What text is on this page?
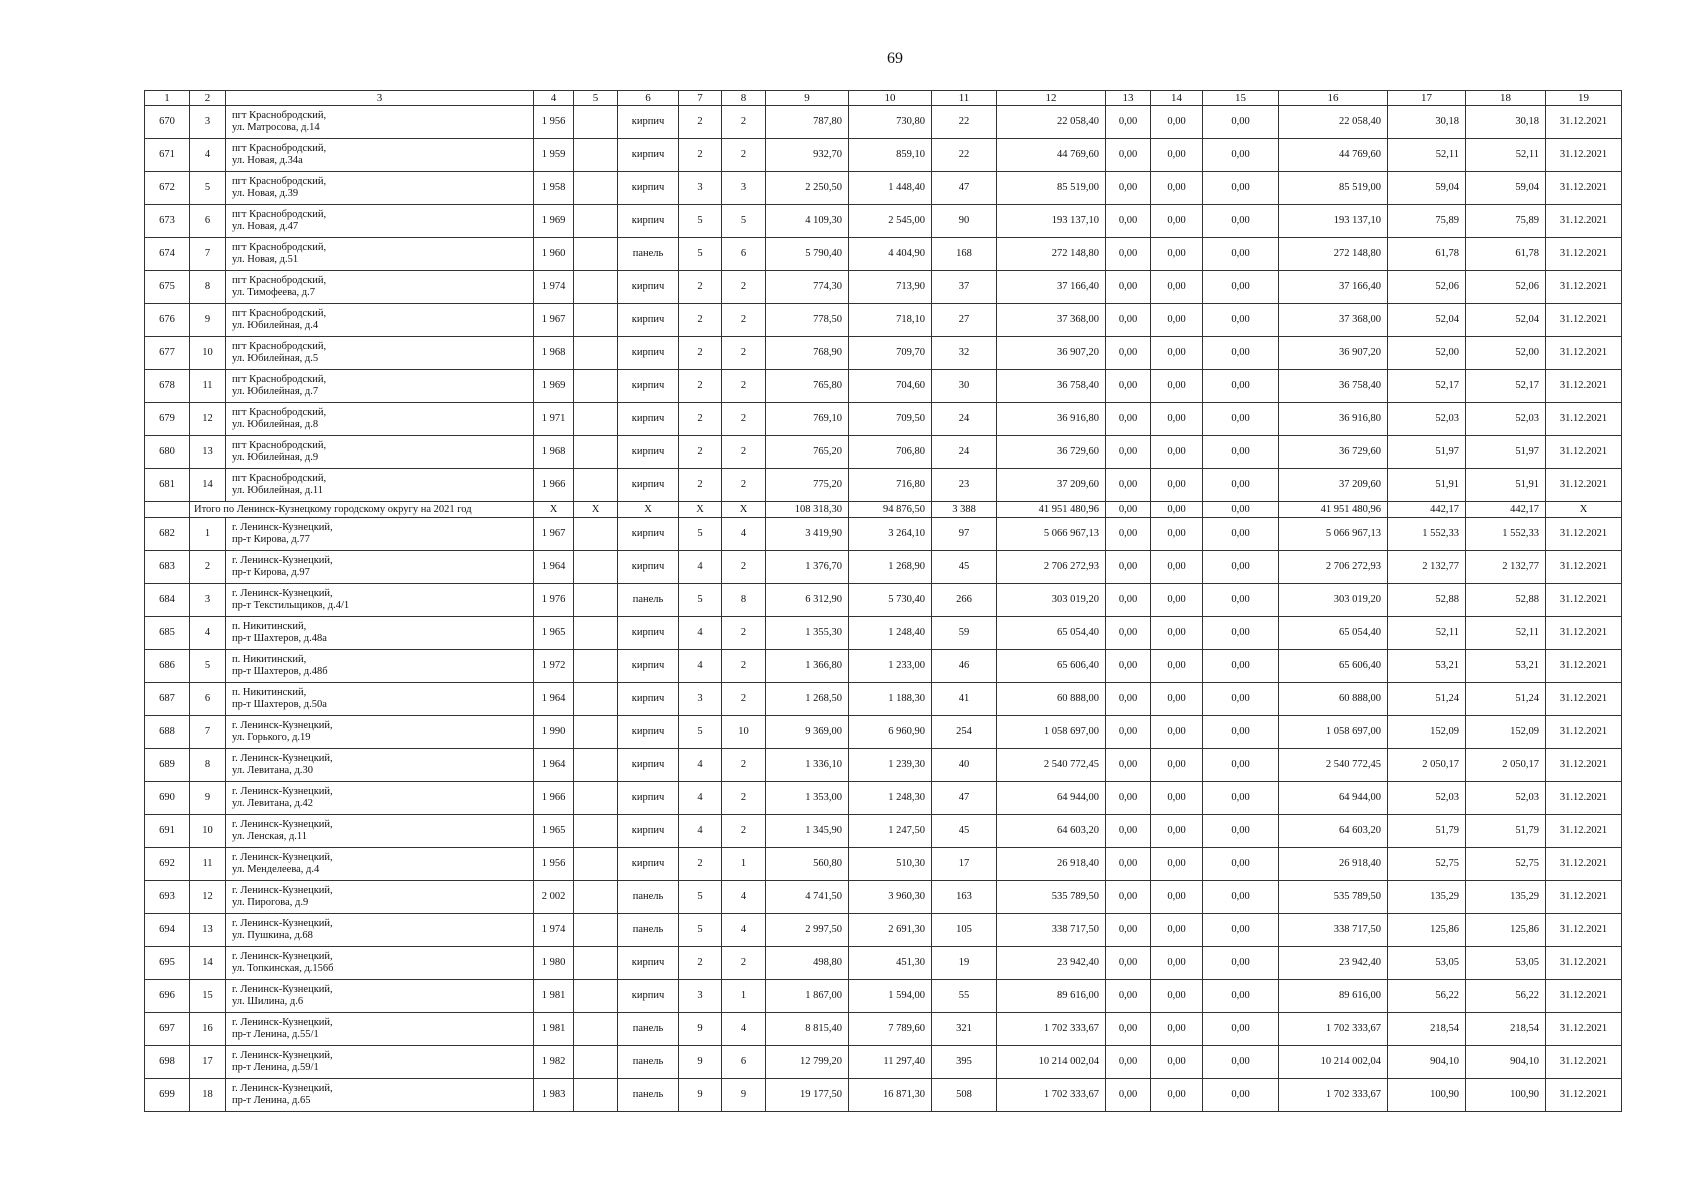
69
1	2	3	4	5	6	7	8	9	10	11	12	13	14	15	16	17	18	19
670	3	пгт Краснобродский,
ул. Матросова, д.14	1 956		кирпич	2	2	787,80	730,80	22	22 058,40	0,00	0,00	0,00	22 058,40	30,18	30,18	31.12.2021
671	4	пгт Краснобродский,
ул. Новая, д.34а	1 959		кирпич	2	2	932,70	859,10	22	44 769,60	0,00	0,00	0,00	44 769,60	52,11	52,11	31.12.2021
672	5	пгт Краснобродский,
ул. Новая, д.39	1 958		кирпич	3	3	2 250,50	1 448,40	47	85 519,00	0,00	0,00	0,00	85 519,00	59,04	59,04	31.12.2021
673	6	пгт Краснобродский,
ул. Новая, д.47	1 969		кирпич	5	5	4 109,30	2 545,00	90	193 137,10	0,00	0,00	0,00	193 137,10	75,89	75,89	31.12.2021
674	7	пгт Краснобродский,
ул. Новая, д.51	1 960		панель	5	6	5 790,40	4 404,90	168	272 148,80	0,00	0,00	0,00	272 148,80	61,78	61,78	31.12.2021
675	8	пгт Краснобродский,
ул. Тимофеева, д.7	1 974		кирпич	2	2	774,30	713,90	37	37 166,40	0,00	0,00	0,00	37 166,40	52,06	52,06	31.12.2021
676	9	пгт Краснобродский,
ул. Юбилейная, д.4	1 967		кирпич	2	2	778,50	718,10	27	37 368,00	0,00	0,00	0,00	37 368,00	52,04	52,04	31.12.2021
677	10	пгт Краснобродский,
ул. Юбилейная, д.5	1 968		кирпич	2	2	768,90	709,70	32	36 907,20	0,00	0,00	0,00	36 907,20	52,00	52,00	31.12.2021
678	11	пгт Краснобродский,
ул. Юбилейная, д.7	1 969		кирпич	2	2	765,80	704,60	30	36 758,40	0,00	0,00	0,00	36 758,40	52,17	52,17	31.12.2021
679	12	пгт Краснобродский,
ул. Юбилейная, д.8	1 971		кирпич	2	2	769,10	709,50	24	36 916,80	0,00	0,00	0,00	36 916,80	52,03	52,03	31.12.2021
680	13	пгт Краснобродский,
ул. Юбилейная, д.9	1 968		кирпич	2	2	765,20	706,80	24	36 729,60	0,00	0,00	0,00	36 729,60	51,97	51,97	31.12.2021
681	14	пгт Краснобродский,
ул. Юбилейная, д.11	1 966		кирпич	2	2	775,20	716,80	23	37 209,60	0,00	0,00	0,00	37 209,60	51,91	51,91	31.12.2021
	Итого по Ленинск-Кузнецкому городскому округу на 2021 год		X	X	X	X	X	108 318,30	94 876,50	3 388	41 951 480,96	0,00	0,00	0,00	41 951 480,96	442,17	442,17	X
682	1	г. Ленинск-Кузнецкий,
пр-т Кирова, д.77	1 967		кирпич	5	4	3 419,90	3 264,10	97	5 066 967,13	0,00	0,00	0,00	5 066 967,13	1 552,33	1 552,33	31.12.2021
683	2	г. Ленинск-Кузнецкий,
пр-т Кирова, д.97	1 964		кирпич	4	2	1 376,70	1 268,90	45	2 706 272,93	0,00	0,00	0,00	2 706 272,93	2 132,77	2 132,77	31.12.2021
684	3	г. Ленинск-Кузнецкий,
пр-т Текстильщиков, д.4/1	1 976		панель	5	8	6 312,90	5 730,40	266	303 019,20	0,00	0,00	0,00	303 019,20	52,88	52,88	31.12.2021
685	4	п. Никитинский,
пр-т Шахтеров, д.48а	1 965		кирпич	4	2	1 355,30	1 248,40	59	65 054,40	0,00	0,00	0,00	65 054,40	52,11	52,11	31.12.2021
686	5	п. Никитинский,
пр-т Шахтеров, д.48б	1 972		кирпич	4	2	1 366,80	1 233,00	46	65 606,40	0,00	0,00	0,00	65 606,40	53,21	53,21	31.12.2021
687	6	п. Никитинский,
пр-т Шахтеров, д.50а	1 964		кирпич	3	2	1 268,50	1 188,30	41	60 888,00	0,00	0,00	0,00	60 888,00	51,24	51,24	31.12.2021
688	7	г. Ленинск-Кузнецкий,
ул. Горького, д.19	1 990		кирпич	5	10	9 369,00	6 960,90	254	1 058 697,00	0,00	0,00	0,00	1 058 697,00	152,09	152,09	31.12.2021
689	8	г. Ленинск-Кузнецкий,
ул. Левитана, д.30	1 964		кирпич	4	2	1 336,10	1 239,30	40	2 540 772,45	0,00	0,00	0,00	2 540 772,45	2 050,17	2 050,17	31.12.2021
690	9	г. Ленинск-Кузнецкий,
ул. Левитана, д.42	1 966		кирпич	4	2	1 353,00	1 248,30	47	64 944,00	0,00	0,00	0,00	64 944,00	52,03	52,03	31.12.2021
691	10	г. Ленинск-Кузнецкий,
ул. Ленская, д.11	1 965		кирпич	4	2	1 345,90	1 247,50	45	64 603,20	0,00	0,00	0,00	64 603,20	51,79	51,79	31.12.2021
692	11	г. Ленинск-Кузнецкий,
ул. Менделеева, д.4	1 956		кирпич	2	1	560,80	510,30	17	26 918,40	0,00	0,00	0,00	26 918,40	52,75	52,75	31.12.2021
693	12	г. Ленинск-Кузнецкий,
ул. Пирогова, д.9	2 002		панель	5	4	4 741,50	3 960,30	163	535 789,50	0,00	0,00	0,00	535 789,50	135,29	135,29	31.12.2021
694	13	г. Ленинск-Кузнецкий,
ул. Пушкина, д.68	1 974		панель	5	4	2 997,50	2 691,30	105	338 717,50	0,00	0,00	0,00	338 717,50	125,86	125,86	31.12.2021
695	14	г. Ленинск-Кузнецкий,
ул. Топкинская, д.156б	1 980		кирпич	2	2	498,80	451,30	19	23 942,40	0,00	0,00	0,00	23 942,40	53,05	53,05	31.12.2021
696	15	г. Ленинск-Кузнецкий,
ул. Шилина, д.6	1 981		кирпич	3	1	1 867,00	1 594,00	55	89 616,00	0,00	0,00	0,00	89 616,00	56,22	56,22	31.12.2021
697	16	г. Ленинск-Кузнецкий,
пр-т Ленина, д.55/1	1 981		панель	9	4	8 815,40	7 789,60	321	1 702 333,67	0,00	0,00	0,00	1 702 333,67	218,54	218,54	31.12.2021
698	17	г. Ленинск-Кузнецкий,
пр-т Ленина, д.59/1	1 982		панель	9	6	12 799,20	11 297,40	395	10 214 002,04	0,00	0,00	0,00	10 214 002,04	904,10	904,10	31.12.2021
699	18	г. Ленинск-Кузнецкий,
пр-т Ленина, д.65	1 983		панель	9	9	19 177,50	16 871,30	508	1 702 333,67	0,00	0,00	0,00	1 702 333,67	100,90	100,90	31.12.2021
